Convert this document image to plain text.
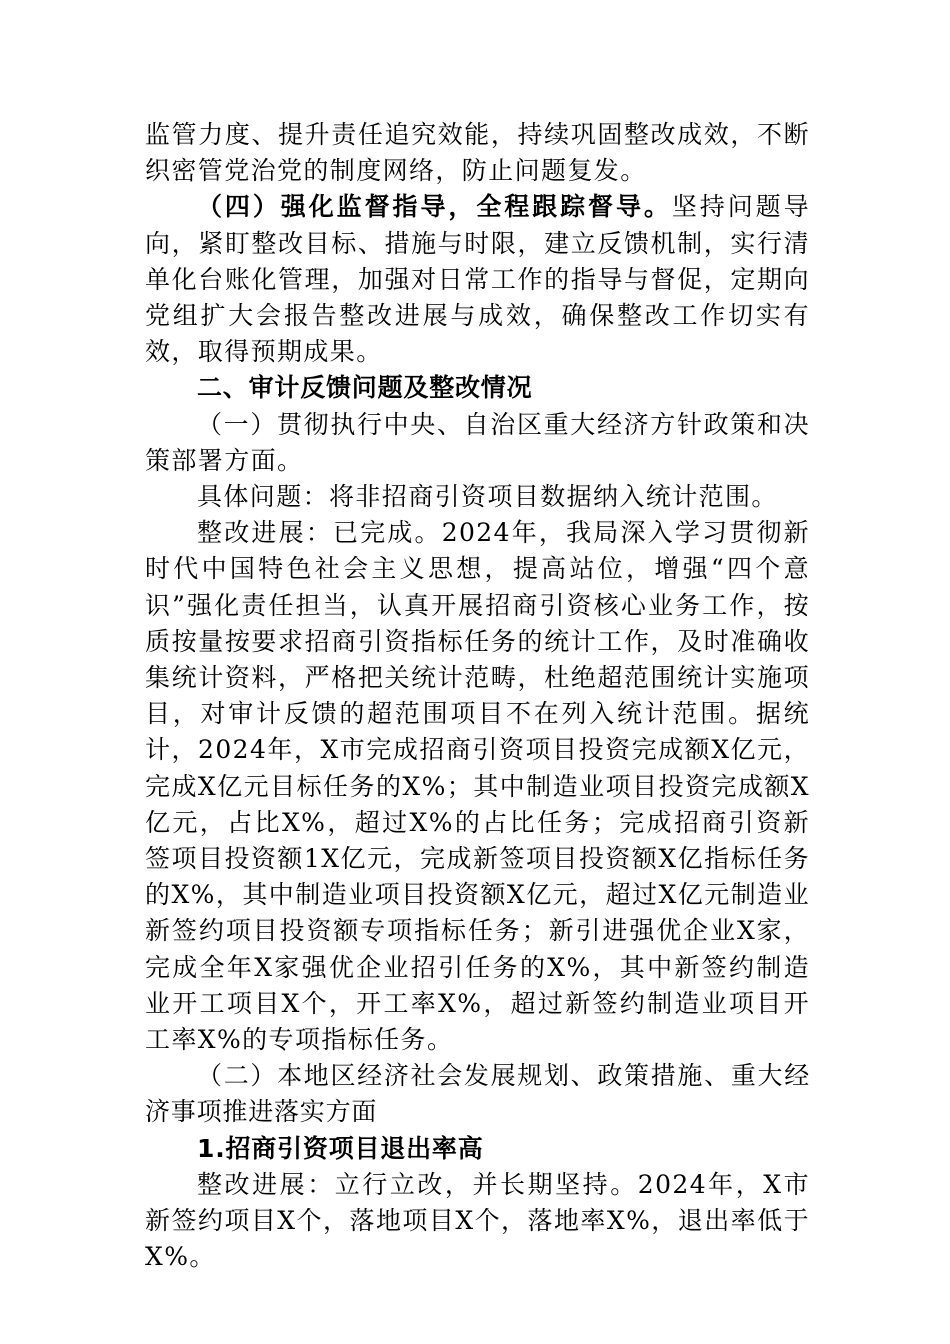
监管力度、提升责任追究效能，持续巩固整改成效，不断织密管党治党的制度网络，防止问题复发。

（四）强化监督指导，全程跟踪督导。坚持问题导向，紧盯整改目标、措施与时限，建立反馈机制，实行清单化台账化管理，加强对日常工作的指导与督促，定期向党组扩大会报告整改进展与成效，确保整改工作切实有效，取得预期成果。

二、审计反馈问题及整改情况

（一）贯彻执行中央、自治区重大经济方针政策和决策部署方面。

具体问题：将非招商引资项目数据纳入统计范围。

整改进展：已完成。2024年，我局深入学习贯彻新时代中国特色社会主义思想，提高站位，增强“四个意识”强化责任担当，认真开展招商引资核心业务工作，按质按量按要求招商引资指标任务的统计工作，及时准确收集统计资料，严格把关统计范畴，杜绝超范围统计实施项目，对审计反馈的超范围项目不在列入统计范围。据统计，2024年，X市完成招商引资项目投资完成额X亿元，完成X亿元目标任务的X%；其中制造业项目投资完成额X亿元，占比X%，超过X%的占比任务；完成招商引资新签项目投资额1X亿元，完成新签项目投资额X亿指标任务的X%，其中制造业项目投资额X亿元，超过X亿元制造业新签约项目投资额专项指标任务；新引进强优企业X家，完成全年X家强优企业招引任务的X%，其中新签约制造业开工项目X个，开工率X%，超过新签约制造业项目开工率X%的专项指标任务。

（二）本地区经济社会发展规划、政策措施、重大经济事项推进落实方面

1.招商引资项目退出率高

整改进展：立行立改，并长期坚持。2024年，X市新签约项目X个，落地项目X个，落地率X%，退出率低于X%。
